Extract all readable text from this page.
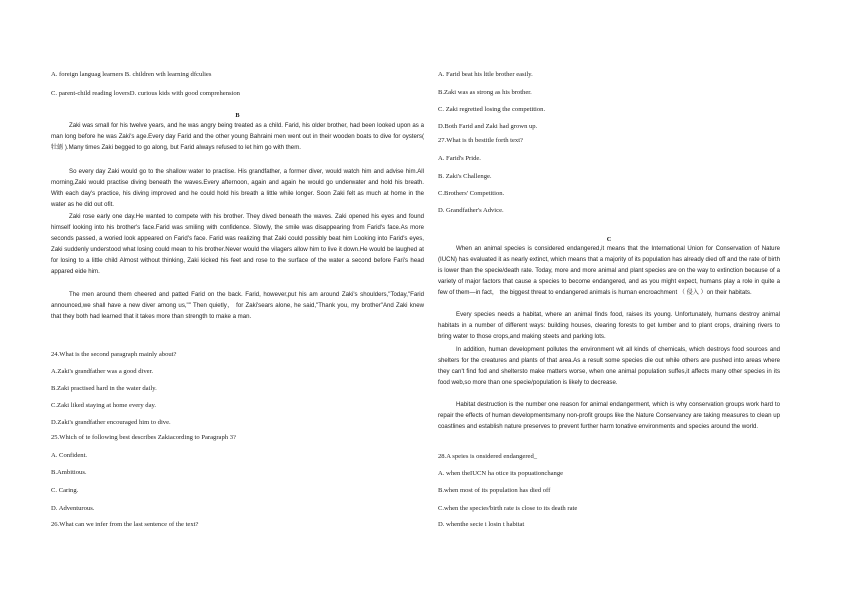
A. foreign languag learners B. children wth learning dfculies
C. parent-child reading loversD. curious kids with good comprehension
B

Zaki was small for his twelve years, and he was angry being treated as a child. Farid, his older brother, had been looked upon as a man long before he was Zaki's age.Every day Farid and the other young Bahraini men went out in their wooden boats to dive for oysters( 牡蛎 ).Many times Zaki begged to go along, but Farid always refused to let him go with them.

So every day Zaki would go to the shallow water to practise. His grandfather, a former diver, would watch him and advise him.All morning,Zaki would practise diving beneath the waves.Every afternoon, again and again he would go underwater and hold his breath. With each day's practice, his diving improved and he could hold his breath a little while longer. Soon Zaki felt as much at home in the water as he did out ofit.

Zaki rose early one day.He wanted to compete with his brother. They dived beneath the waves. Zaki opened his eyes and found himself looking into his brother's face.Farid was smiling with confidence. Slowly, the smile was disappearing from Farid's face.As more seconds passed, a woried look appeared on Farid's face. Farid was realizing that Zaki could possibly beat him Looking into Farid's eyes, Zaki suddenly understood what losing could mean to his brother.Never would the vilagers allow him to live it down.He would be laughed at for losing to a little child Almost without thinking, Zaki kicked his feet and rose to the surface of the water a second before Fari's head appared eide him.

The men around them cheered and patted Farid on the back. Farid, however,put his am around Zaki's shoulders,"Today,"Farid announced,we shall have a new diver among us,"" Then quietly， for Zaki'sears alone, he said,"Thank you, my brother"And Zaki knew that they both had learned that it takes more than strength to make a man.

24.What is the second paragraph mainly about?
A.Zaki's grandfather was a good diver.
B.Zaki practised hard in the water daily.
C.Zaki liked staying at home every day.
D.Zaki's grandfather encouraged him to dive.
25.Which of te following best describes Zakiacording to Paragraph 3?
A. Confident.
B.Ambitious.
C. Caring.
D. Adventurous.
26.What can we infer from the last sentence of the text?
A. Farid beat his lttle brother easily.
B.Zaki was as strong as his brother.
C. Zaki regretted losing the competition.
D.Both Farid and Zaki had grown up.
27.What is th bestitle forth text?
A. Farid's Pride.
B. Zaki's Challenge.
C.Brothers' Competition.
D. Grandfather's Advice.
C

When an animal species is considered endangered,it means that the International Union for Conservation of Nature (IUCN) has evaluated it as nearly extinct, which means that a majority of its population has already died off and the rate of birth is lower than the specie/death rate. Today, more and more animal and plant species are on the way to extinction because of a variety of major factors that cause a species to become endangered, and as you might expect, humans play a role in quite a few of them—in fact， the biggest threat to endangered animals is human encroachment （ 侵入 ）on their habitats.

Every species needs a habitat, where an animal finds food, raises its young. Unfortunately, humans destroy animal habitats in a number of different ways: building houses, clearing forests to get lumber and to plant crops, draining rivers to bring water to those crops,and making steets and parking lots.

In addition, human development pollutes the environment wit all kinds of chemicals, which destroys food sources and shelters for the creatures and plants of that area.As a result some species die out while others are pushed into areas where they can't find fod and sheltersto make matters worse, when one animal population suffes,it affects many other species in its food web,so more than one specie/population is likely to decrease.

Habitat destruction is the number one reason for animal endangerment, which is why conservation groups work hard to repair the effects of human developmentsmany non-profit groups like the Nature Conservancy are taking measures to clean up coastlines and establish nature preserves to prevent further harm tonative environments and species around the world.

28.A speies is onsidered endangered_
A. when theIUCN ha otice its popuationchange
B.when most of its population has died off
C.when the species'birth rate is close to its death rate
D. whenthe secie i losin t habitat
